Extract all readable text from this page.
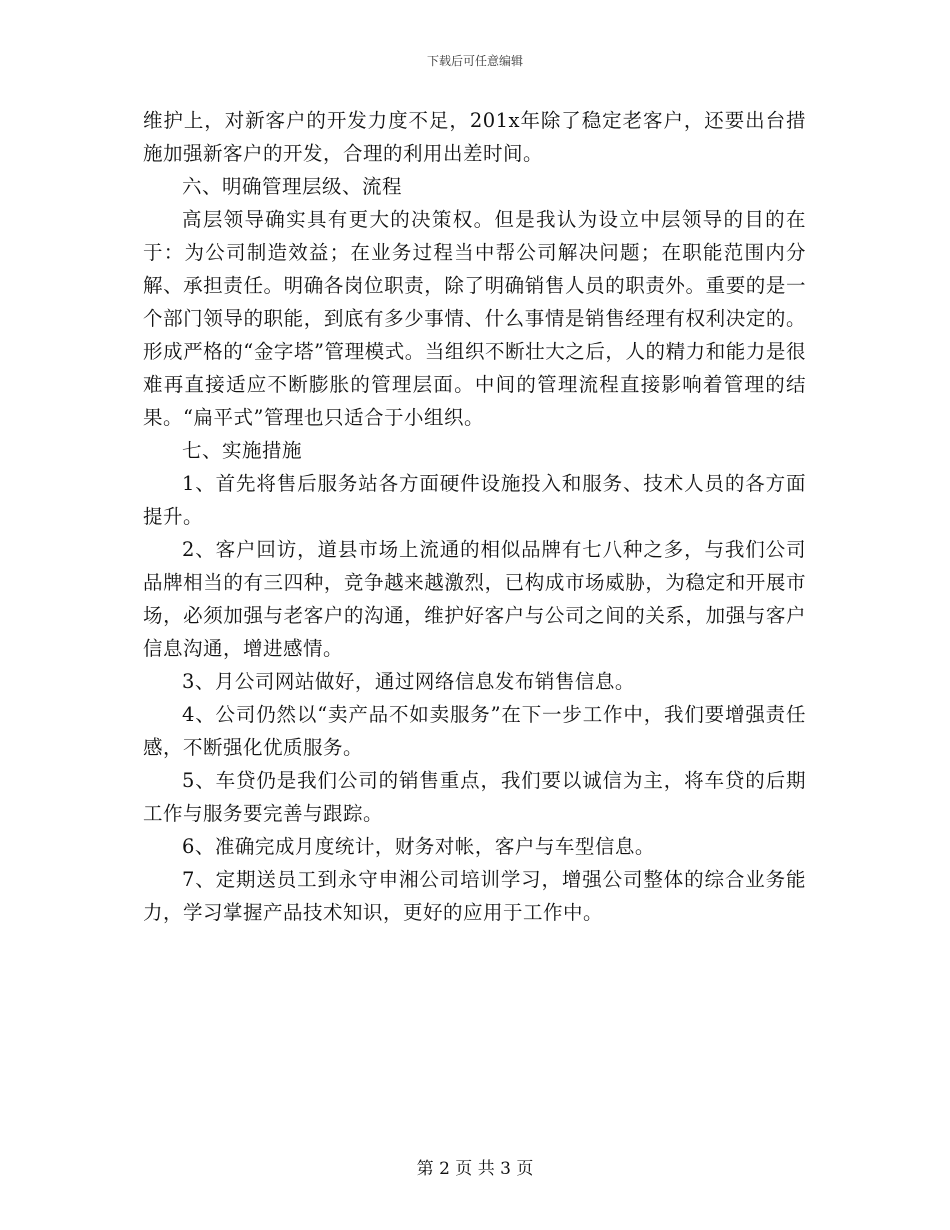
下载后可任意编辑

维护上，对新客户的开发力度不足，201x年除了稳定老客户，还要出台措施加强新客户的开发，合理的利用出差时间。

六、明确管理层级、流程

高层领导确实具有更大的决策权。但是我认为设立中层领导的目的在于：为公司制造效益；在业务过程当中帮公司解决问题；在职能范围内分解、承担责任。明确各岗位职责，除了明确销售人员的职责外。重要的是一个部门领导的职能，到底有多少事情、什么事情是销售经理有权利决定的。形成严格的“金字塔”管理模式。当组织不断壮大之后，人的精力和能力是很难再直接适应不断膨胀的管理层面。中间的管理流程直接影响着管理的结果。“扁平式”管理也只适合于小组织。

七、实施措施

1、首先将售后服务站各方面硬件设施投入和服务、技术人员的各方面提升。

2、客户回访，道县市场上流通的相似品牌有七八种之多，与我们公司品牌相当的有三四种，竞争越来越激烈，已构成市场威胁，为稳定和开展市场，必须加强与老客户的沟通，维护好客户与公司之间的关系，加强与客户信息沟通，增进感情。

3、月公司网站做好，通过网络信息发布销售信息。

4、公司仍然以“卖产品不如卖服务”在下一步工作中，我们要增强责任感，不断强化优质服务。

5、车贷仍是我们公司的销售重点，我们要以诚信为主，将车贷的后期工作与服务要完善与跟踪。

6、准确完成月度统计，财务对帐，客户与车型信息。

7、定期送员工到永守申湘公司培训学习，增强公司整体的综合业务能力，学习掌握产品技术知识，更好的应用于工作中。

第 2 页 共 3 页
